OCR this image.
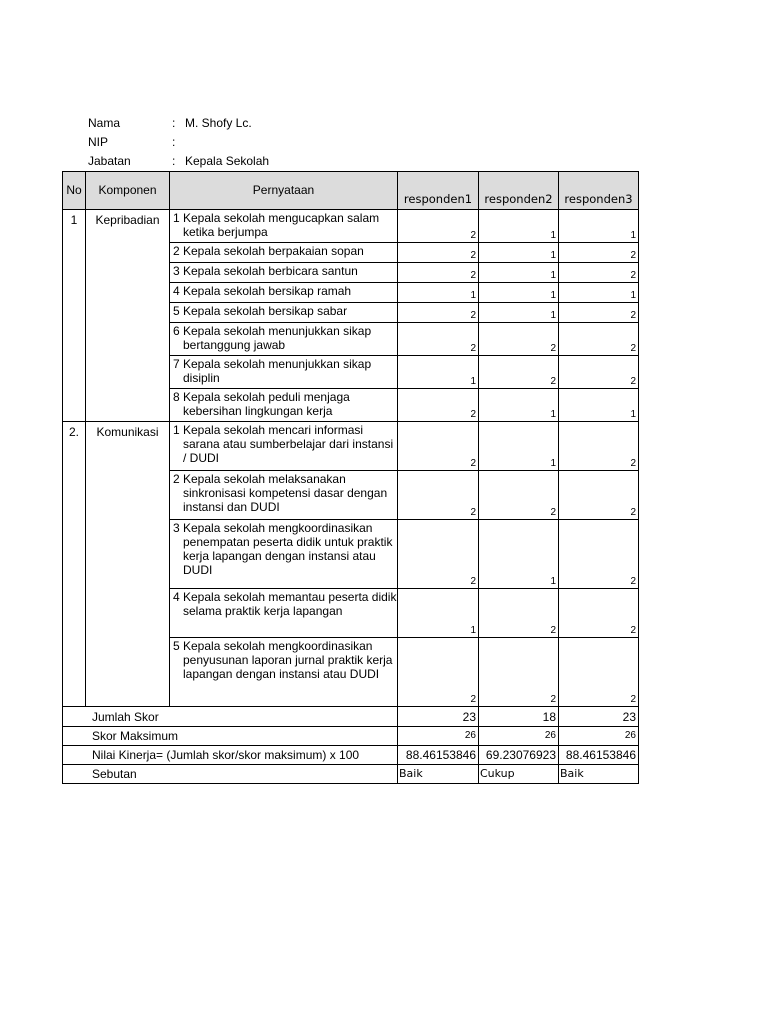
Nama	: M. Shofy Lc.
NIP	:
Jabatan	: Kepala Sekolah
No	Komponen	Pernyataan	responden1	responden2	responden3
1	Kepribadian	1 Kepala sekolah mengucapkan salam ketika berjumpa	2	1	1

		2 Kepala sekolah berpakaian sopan	2	1	2

		3 Kepala sekolah berbicara santun	2	1	2

		4 Kepala sekolah bersikap ramah	1	1	1

		5 Kepala sekolah bersikap sabar	2	1	2

		6 Kepala sekolah menunjukkan sikap bertanggung jawab	2	2	2

		7 Kepala sekolah menunjukkan sikap disiplin	1	2	2

		8 Kepala sekolah peduli menjaga kebersihan lingkungan kerja	2	1	1
2.	Komunikasi	1 Kepala sekolah mencari informasi sarana atau sumberbelajar dari instansi / DUDI	2	1	2

		2 Kepala sekolah melaksanakan sinkronisasi kompetensi dasar dengan instansi dan DUDI	2	2	2

		3 Kepala sekolah mengkoordinasikan penempatan peserta didik untuk praktik kerja lapangan dengan instansi atau DUDI	2	1	2

		4 Kepala sekolah memantau peserta didik selama praktik kerja lapangan	1	2	2

		5 Kepala sekolah mengkoordinasikan penyusunan laporan jurnal praktik kerja lapangan dengan instansi atau DUDI	2	2	2
Jumlah Skor			23	18	23
Skor Maksimum			26	26	26
Nilai Kinerja= (Jumlah skor/skor maksimum) x 100			88.46153846	69.23076923	88.46153846
Sebutan			Baik	Cukup	Baik
